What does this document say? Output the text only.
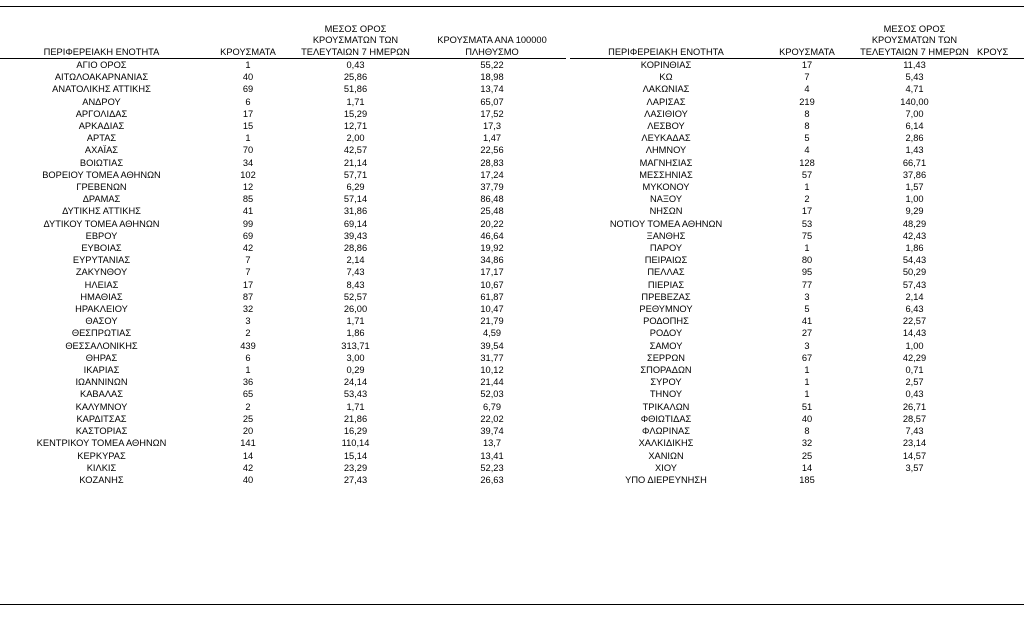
ΠΕΡΙΦΕΡΕΙΑΚΗ ΕΝΟΤΗΤΑ	ΚΡΟΥΣΜΑΤΑ	ΜΕΣΟΣ ΟΡΟΣ
ΚΡΟΥΣΜΑΤΩΝ ΤΩΝ
ΤΕΛΕΥΤΑΙΩΝ 7 ΗΜΕΡΩΝ	ΚΡΟΥΣΜΑΤΑ ΑΝΑ 100000
ΠΛΗΘΥΣΜΟ

ΑΓΙΟ ΟΡΟΣ	1	0,43	55,22
ΑΙΤΩΛΟΑΚΑΡΝΑΝΙΑΣ	40	25,86	18,98
ΑΝΑΤΟΛΙΚΗΣ ΑΤΤΙΚΗΣ	69	51,86	13,74
ΑΝΔΡΟΥ	6	1,71	65,07
ΑΡΓΟΛΙΔΑΣ	17	15,29	17,52
ΑΡΚΑΔΙΑΣ	15	12,71	17,3
ΑΡΤΑΣ	1	2,00	1,47
ΑΧΑΪΑΣ	70	42,57	22,56
ΒΟΙΩΤΙΑΣ	34	21,14	28,83
ΒΟΡΕΙΟΥ ΤΟΜΕΑ ΑΘΗΝΩΝ	102	57,71	17,24
ΓΡΕΒΕΝΩΝ	12	6,29	37,79
ΔΡΑΜΑΣ	85	57,14	86,48
ΔΥΤΙΚΗΣ ΑΤΤΙΚΗΣ	41	31,86	25,48
ΔΥΤΙΚΟΥ ΤΟΜΕΑ ΑΘΗΝΩΝ	99	69,14	20,22
ΕΒΡΟΥ	69	39,43	46,64
ΕΥΒΟΙΑΣ	42	28,86	19,92
ΕΥΡΥΤΑΝΙΑΣ	7	2,14	34,86
ΖΑΚΥΝΘΟΥ	7	7,43	17,17
ΗΛΕΙΑΣ	17	8,43	10,67
ΗΜΑΘΙΑΣ	87	52,57	61,87
ΗΡΑΚΛΕΙΟΥ	32	26,00	10,47
ΘΑΣΟΥ	3	1,71	21,79
ΘΕΣΠΡΩΤΙΑΣ	2	1,86	4,59
ΘΕΣΣΑΛΟΝΙΚΗΣ	439	313,71	39,54
ΘΗΡΑΣ	6	3,00	31,77
ΙΚΑΡΙΑΣ	1	0,29	10,12
ΙΩΑΝΝΙΝΩΝ	36	24,14	21,44
ΚΑΒΑΛΑΣ	65	53,43	52,03
ΚΑΛΥΜΝΟΥ	2	1,71	6,79
ΚΑΡΔΙΤΣΑΣ	25	21,86	22,02
ΚΑΣΤΟΡΙΑΣ	20	16,29	39,74
ΚΕΝΤΡΙΚΟΥ ΤΟΜΕΑ ΑΘΗΝΩΝ	141	110,14	13,7
ΚΕΡΚΥΡΑΣ	14	15,14	13,41
ΚΙΛΚΙΣ	42	23,29	52,23
ΚΟΖΑΝΗΣ	40	27,43	26,63
ΠΕΡΙΦΕΡΕΙΑΚΗ ΕΝΟΤΗΤΑ	ΚΡΟΥΣΜΑΤΑ	ΜΕΣΟΣ ΟΡΟΣ
ΚΡΟΥΣΜΑΤΩΝ ΤΩΝ
ΤΕΛΕΥΤΑΙΩΝ 7 ΗΜΕΡΩΝ	ΚΡΟΥΣ
ΚΟΡΙΝΘΙΑΣ	17	11,43	
ΚΩ	7	5,43	
ΛΑΚΩΝΙΑΣ	4	4,71	
ΛΑΡΙΣΑΣ	219	140,00	
ΛΑΣΙΘΙΟΥ	8	7,00	
ΛΕΣΒΟΥ	8	6,14	
ΛΕΥΚΑΔΑΣ	5	2,86	
ΛΗΜΝΟΥ	4	1,43	
ΜΑΓΝΗΣΙΑΣ	128	66,71	
ΜΕΣΣΗΝΙΑΣ	57	37,86	
ΜΥΚΟΝΟΥ	1	1,57	
ΝΑΞΟΥ	2	1,00	
ΝΗΣΩΝ	17	9,29	
ΝΟΤΙΟΥ ΤΟΜΕΑ ΑΘΗΝΩΝ	53	48,29	
ΞΑΝΘΗΣ	75	42,43	
ΠΑΡΟΥ	1	1,86	
ΠΕΙΡΑΙΩΣ	80	54,43	
ΠΕΛΛΑΣ	95	50,29	
ΠΙΕΡΙΑΣ	77	57,43	
ΠΡΕΒΕΖΑΣ	3	2,14	
ΡΕΘΥΜΝΟΥ	5	6,43	
ΡΟΔΟΠΗΣ	41	22,57	
ΡΟΔΟΥ	27	14,43	
ΣΑΜΟΥ	3	1,00	
ΣΕΡΡΩΝ	67	42,29	
ΣΠΟΡΑΔΩΝ	1	0,71	
ΣΥΡΟΥ	1	2,57	
ΤΗΝΟΥ	1	0,43	
ΤΡΙΚΑΛΩΝ	51	26,71	
ΦΘΙΩΤΙΔΑΣ	40	28,57	
ΦΛΩΡΙΝΑΣ	8	7,43	
ΧΑΛΚΙΔΙΚΗΣ	32	23,14	
ΧΑΝΙΩΝ	25	14,57	
ΧΙΟΥ	14	3,57	
ΥΠΟ ΔΙΕΡΕΥΝΗΣΗ	185		
